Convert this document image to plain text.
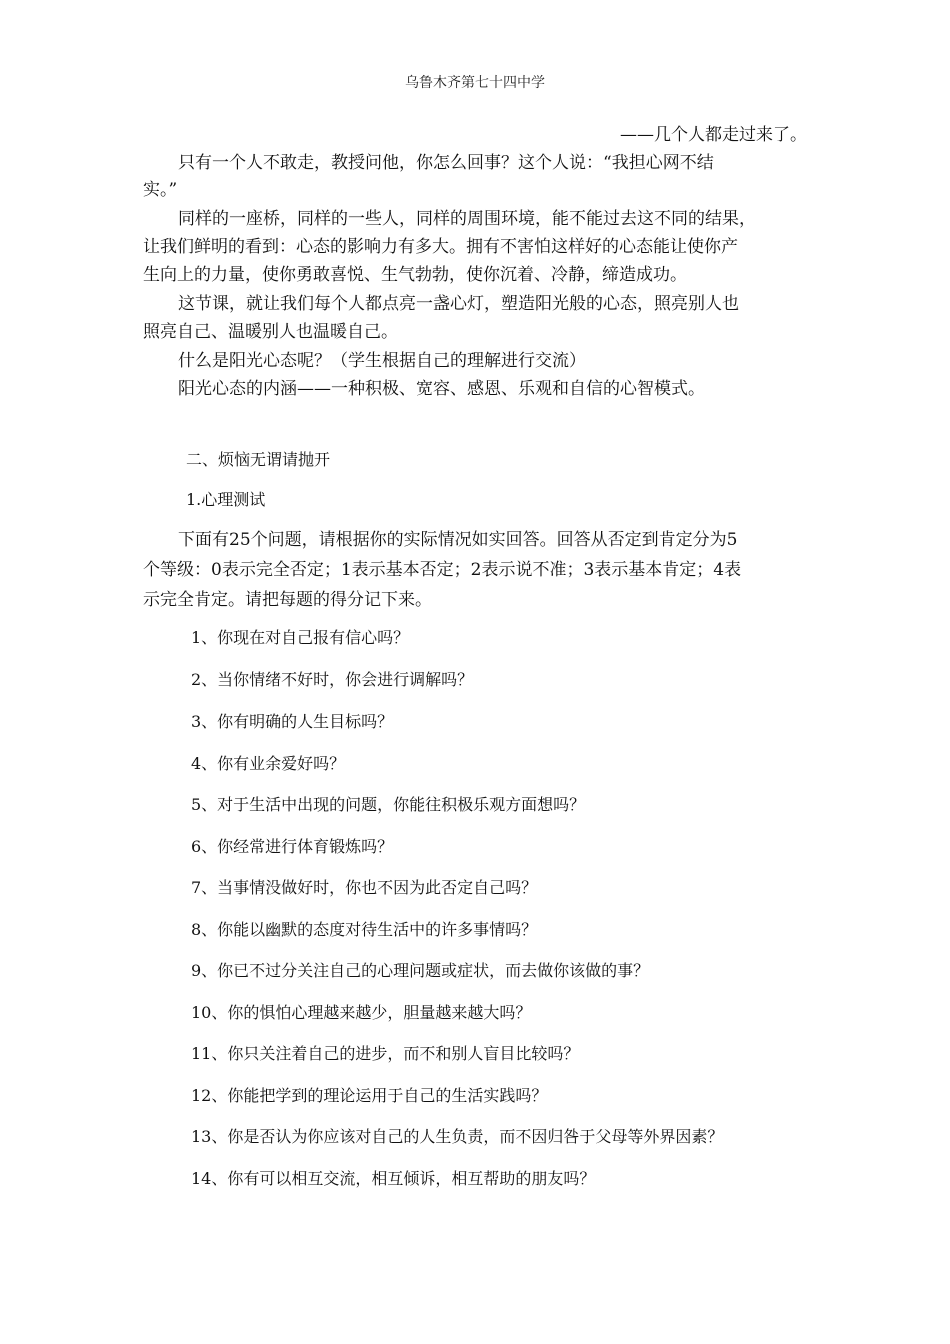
乌鲁木齐第七十四中学
——几个人都走过来了。
只有一个人不敢走，教授问他，你怎么回事？这个人说：“我担心网不结
实。”
同样的一座桥，同样的一些人，同样的周围环境，能不能过去这不同的结果，
让我们鲜明的看到：心态的影响力有多大。拥有不害怕这样好的心态能让使你产
生向上的力量，使你勇敢喜悦、生气勃勃，使你沉着、冷静，缔造成功。
这节课，就让我们每个人都点亮一盏心灯，塑造阳光般的心态，照亮别人也
照亮自己、温暖别人也温暖自己。
什么是阳光心态呢？（学生根据自己的理解进行交流）
阳光心态的内涵——一种积极、宽容、感恩、乐观和自信的心智模式。
二、烦恼无谓请抛开
1.心理测试
下面有25个问题，请根据你的实际情况如实回答。回答从否定到肯定分为5
个等级：0表示完全否定；1表示基本否定；2表示说不准；3表示基本肯定；4表
示完全肯定。请把每题的得分记下来。
1、你现在对自己报有信心吗？
2、当你情绪不好时，你会进行调解吗？
3、你有明确的人生目标吗？
4、你有业余爱好吗？
5、对于生活中出现的问题，你能往积极乐观方面想吗？
6、你经常进行体育锻炼吗？
7、当事情没做好时，你也不因为此否定自己吗？
8、你能以幽默的态度对待生活中的许多事情吗？
9、你已不过分关注自己的心理问题或症状，而去做你该做的事？
10、你的惧怕心理越来越少，胆量越来越大吗？
11、你只关注着自己的进步，而不和别人盲目比较吗？
12、你能把学到的理论运用于自己的生活实践吗？
13、你是否认为你应该对自己的人生负责，而不因归咎于父母等外界因素？
14、你有可以相互交流，相互倾诉，相互帮助的朋友吗？
